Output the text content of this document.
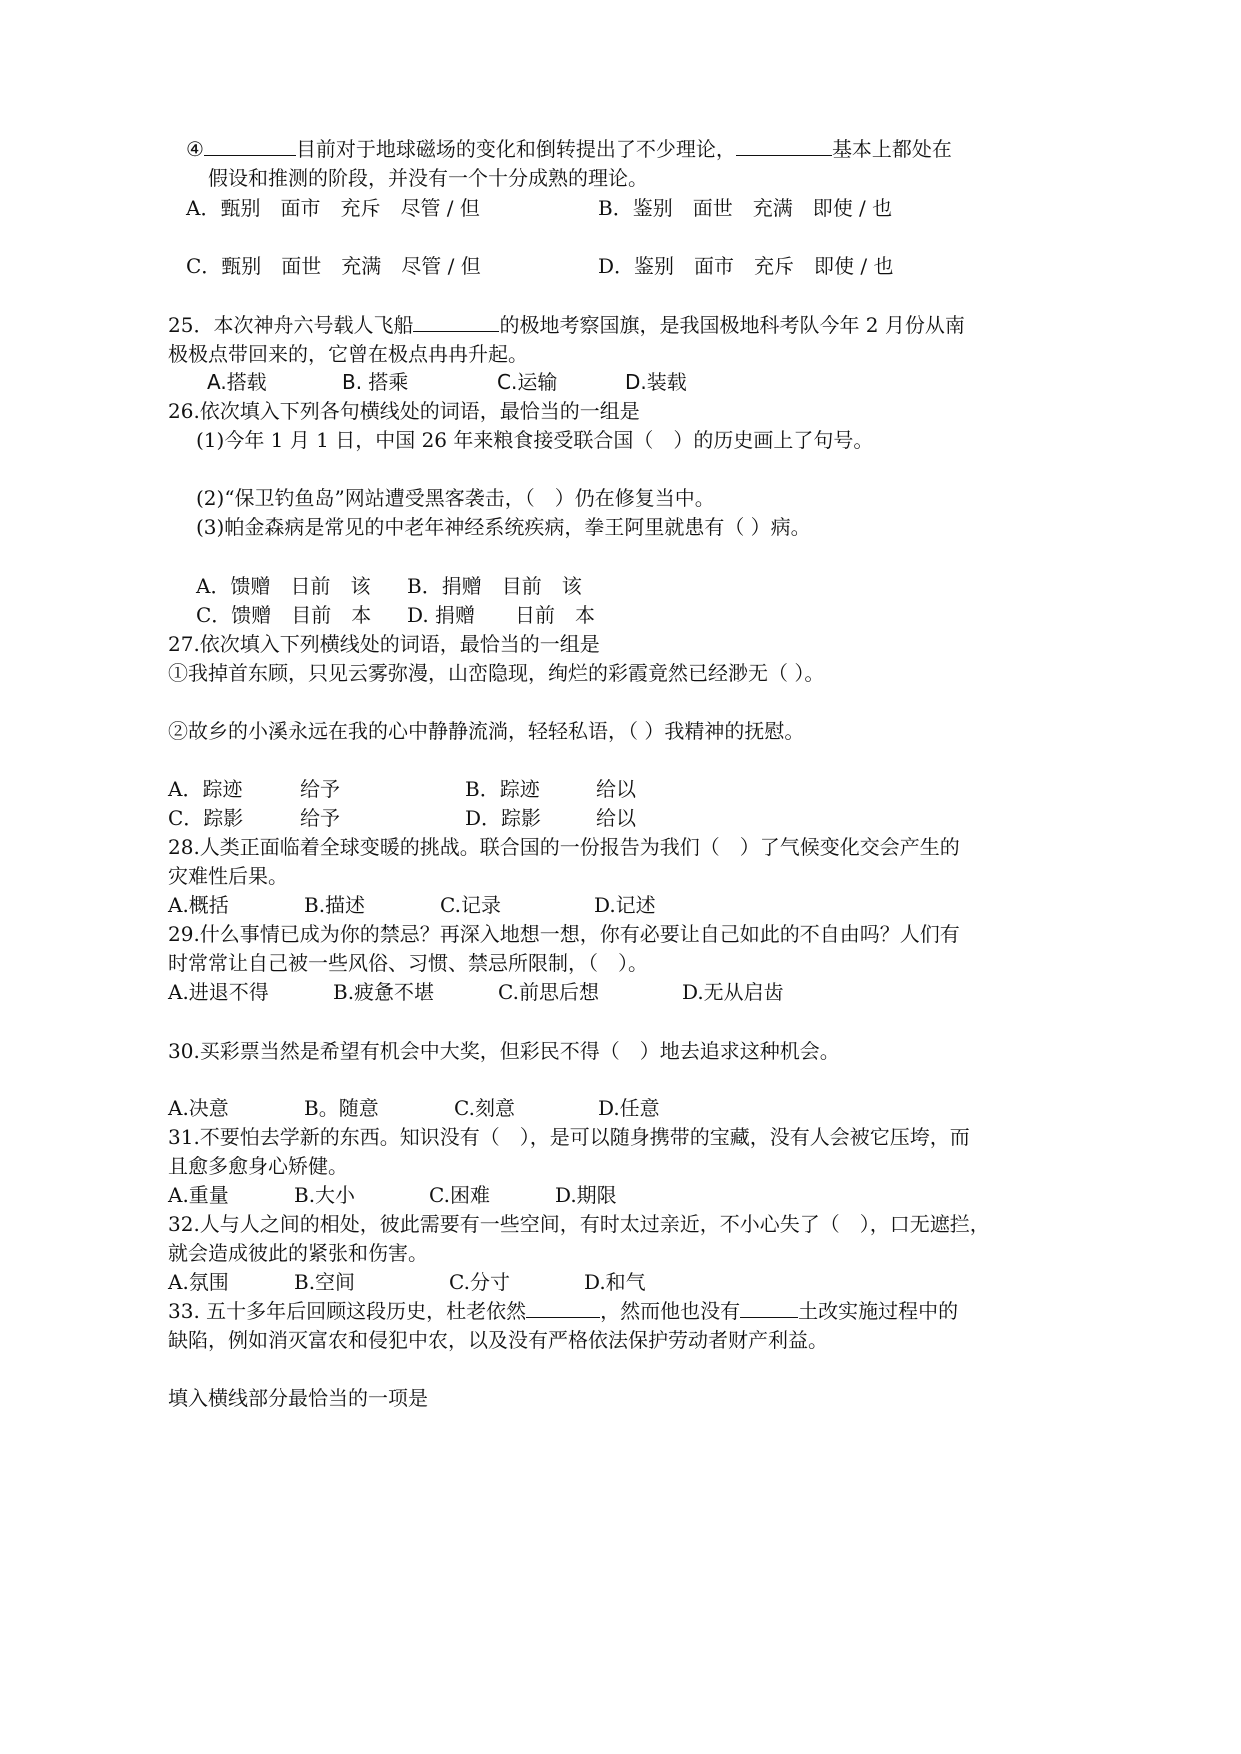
④	目前对于地球磁场的变化和倒转提出了不少理论，	基本上都处在
假设和推测的阶段，并没有一个十分成熟的理论。
A．甄别　面市　充斥　尽管 / 但	B．鉴别　面世　充满　即使 / 也
C．甄别　面世　充满　尽管 / 但	D．鉴别　面市　充斥　即使 / 也
25．本次神舟六号载人飞船	的极地考察国旗，是我国极地科考队今年 2 月份从南
极极点带回来的，它曾在极点冉冉升起。
A.搭载	B. 搭乘	C.运输	D.装载
26.依次填入下列各句横线处的词语，最恰当的一组是
(1)今年 1 月 1 日，中国 26 年来粮食接受联合国（　）的历史画上了句号。
(2)“保卫钓鱼岛”网站遭受黑客袭击，（　）仍在修复当中。
(3)帕金森病是常见的中老年神经系统疾病，拳王阿里就患有（ ）病。
A．馈赠　日前　该 B．捐赠　目前　该
C．馈赠　目前　本 D. 捐赠　　日前　本
27.依次填入下列横线处的词语，最恰当的一组是
①我掉首东顾，只见云雾弥漫，山峦隐现，绚烂的彩霞竟然已经渺无（ ）。
②故乡的小溪永远在我的心中静静流淌，轻轻私语，（ ）我精神的抚慰。
A．踪迹	给予	B．踪迹	给以
C．踪影	给予	D．踪影	给以
28.人类正面临着全球变暖的挑战。联合国的一份报告为我们（　）了气候变化交会产生的
灾难性后果。
A.概括	B.描述	C.记录	D.记述
29.什么事情已成为你的禁忌？再深入地想一想，你有必要让自己如此的不自由吗？人们有
时常常让自己被一些风俗、习惯、禁忌所限制，（　）。
A.进退不得	B.疲惫不堪	C.前思后想	D.无从启齿
30.买彩票当然是希望有机会中大奖，但彩民不得（　）地去追求这种机会。
A.决意	B。随意	C.刻意	D.任意
31.不要怕去学新的东西。知识没有（　），是可以随身携带的宝藏，没有人会被它压垮，而
且愈多愈身心矫健。
A.重量	B.大小	C.困难	D.期限
32.人与人之间的相处，彼此需要有一些空间，有时太过亲近，不小心失了（　），口无遮拦，
就会造成彼此的紧张和伤害。
A.氛围	B.空间	C.分寸	D.和气
33. 五十多年后回顾这段历史，杜老依然	，然而他也没有	土改实施过程中的
缺陷，例如消灭富农和侵犯中农，以及没有严格依法保护劳动者财产利益。
填入横线部分最恰当的一项是
